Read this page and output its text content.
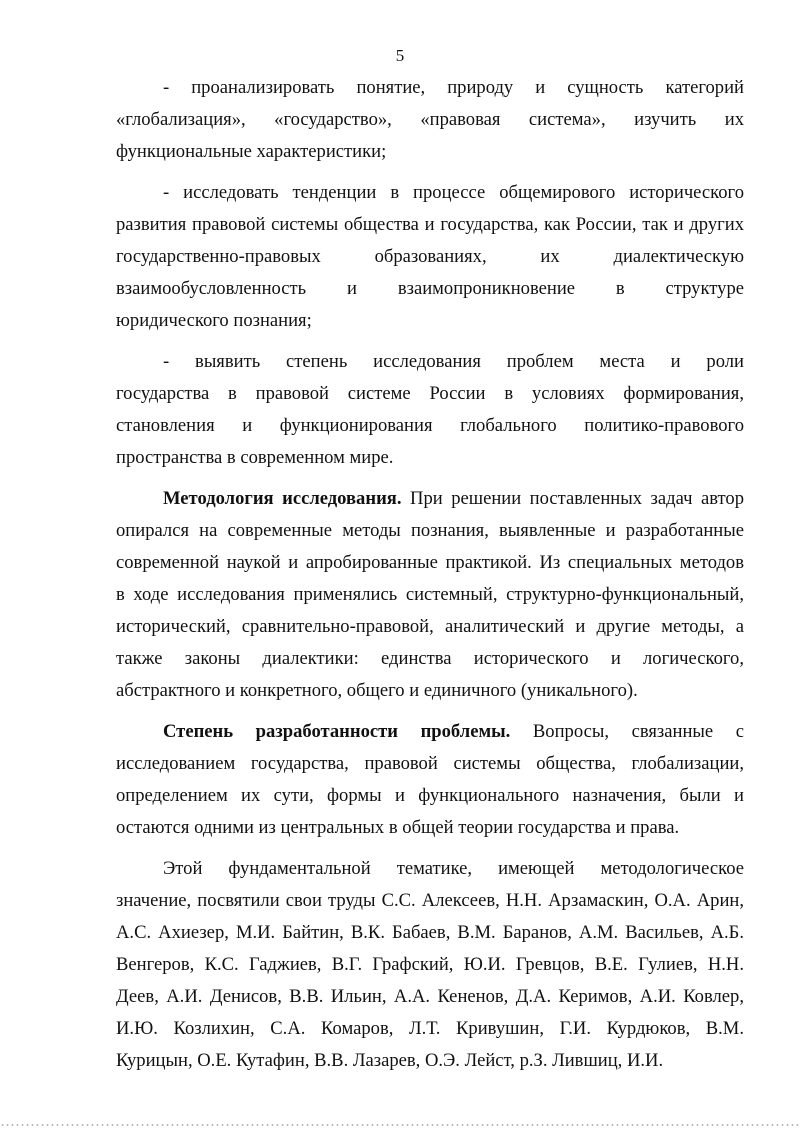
5
- проанализировать понятие, природу и сущность категорий
«глобализация», «государство», «правовая система», изучить их
функциональные характеристики;
- исследовать тенденции в процессе общемирового исторического
развития правовой системы общества и государства, как России, так и других
государственно-правовых образованиях, их диалектическую
взаимообусловленность и взаимопроникновение в структуре
юридического познания;
- выявить степень исследования проблем места и роли
государства в правовой системе России в условиях формирования,
становления и функционирования глобального политико-правового
пространства в современном мире.
Методология исследования. При решении поставленных задач автор
опирался на современные методы познания, выявленные и разработанные
современной наукой и апробированные практикой. Из специальных методов
в ходе исследования применялись системный, структурно-функциональный,
исторический, сравнительно-правовой, аналитический и другие методы, а
также законы диалектики: единства исторического и логического,
абстрактного и конкретного, общего и единичного (уникального).
Степень разработанности проблемы. Вопросы, связанные с
исследованием государства, правовой системы общества, глобализации,
определением их сути, формы и функционального назначения, были и
остаются одними из центральных в общей теории государства и права.
Этой фундаментальной тематике, имеющей методологическое
значение, посвятили свои труды С.С. Алексеев, Н.Н. Арзамаскин, О.А. Арин,
А.С. Ахиезер, М.И. Байтин, В.К. Бабаев, В.М. Баранов, А.М. Васильев, А.Б.
Венгеров, К.С. Гаджиев, В.Г. Графский, Ю.И. Гревцов, В.Е. Гулиев, Н.Н.
Деев, А.И. Денисов, В.В. Ильин, А.А. Кененов, Д.А. Керимов, А.И. Ковлер,
И.Ю. Козлихин, С.А. Комаров, Л.Т. Кривушин, Г.И. Курдюков, В.М.
Курицын, О.Е. Кутафин, В.В. Лазарев, О.Э. Лейст, р.З. Лившиц, И.И.
